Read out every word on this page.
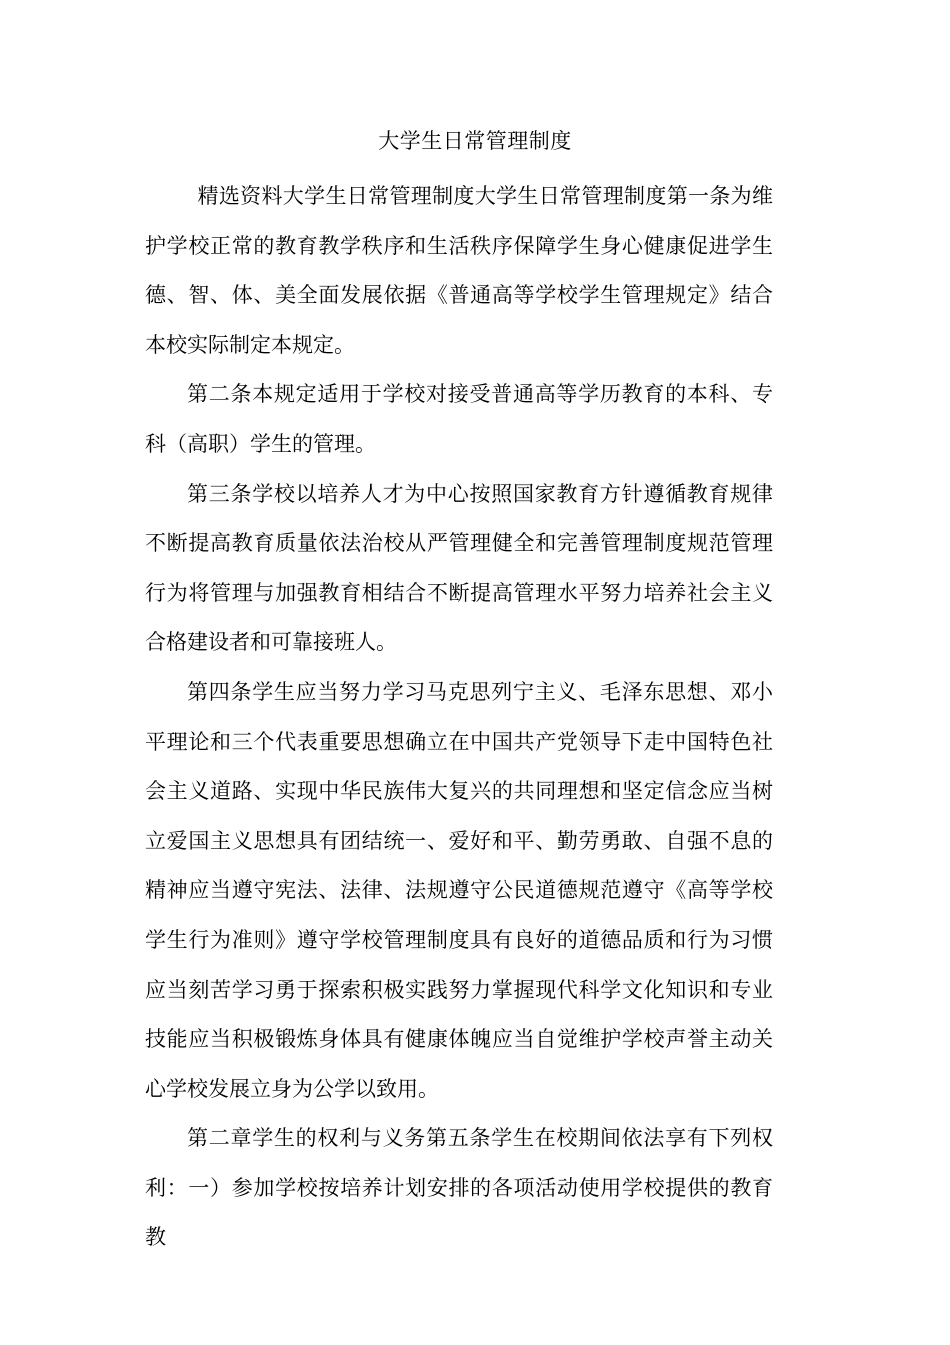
大学生日常管理制度

精选资料大学生日常管理制度大学生日常管理制度第一条为维护学校正常的教育教学秩序和生活秩序保障学生身心健康促进学生德、智、体、美全面发展依据《普通高等学校学生管理规定》结合本校实际制定本规定。

第二条本规定适用于学校对接受普通高等学历教育的本科、专科（高职）学生的管理。

第三条学校以培养人才为中心按照国家教育方针遵循教育规律不断提高教育质量依法治校从严管理健全和完善管理制度规范管理行为将管理与加强教育相结合不断提高管理水平努力培养社会主义合格建设者和可靠接班人。

第四条学生应当努力学习马克思列宁主义、毛泽东思想、邓小平理论和三个代表重要思想确立在中国共产党领导下走中国特色社会主义道路、实现中华民族伟大复兴的共同理想和坚定信念应当树立爱国主义思想具有团结统一、爱好和平、勤劳勇敢、自强不息的精神应当遵守宪法、法律、法规遵守公民道德规范遵守《高等学校学生行为准则》遵守学校管理制度具有良好的道德品质和行为习惯应当刻苦学习勇于探索积极实践努力掌握现代科学文化知识和专业技能应当积极锻炼身体具有健康体魄应当自觉维护学校声誉主动关心学校发展立身为公学以致用。

第二章学生的权利与义务第五条学生在校期间依法享有下列权利：一）参加学校按培养计划安排的各项活动使用学校提供的教育教
